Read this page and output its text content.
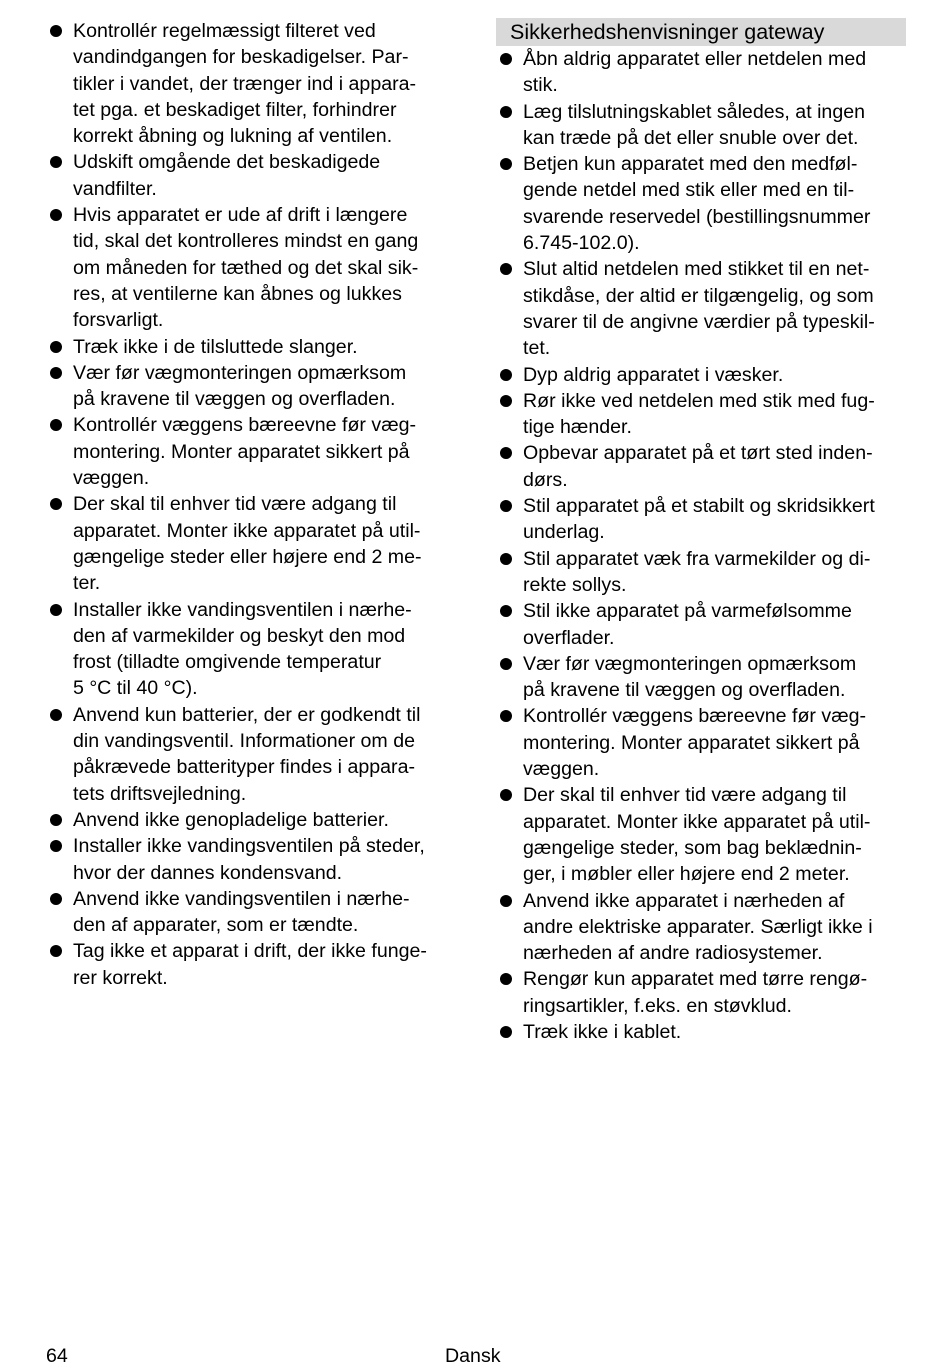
Kontrollér regelmæssigt filteret ved
vandindgangen for beskadigelser. Par-
tikler i vandet, der trænger ind i appara-
tet pga. et beskadiget filter, forhindrer
korrekt åbning og lukning af ventilen.
Udskift omgående det beskadigede
vandfilter.
Hvis apparatet er ude af drift i længere
tid, skal det kontrolleres mindst en gang
om måneden for tæthed og det skal sik-
res, at ventilerne kan åbnes og lukkes
forsvarligt.
Træk ikke i de tilsluttede slanger.
Vær før vægmonteringen opmærksom
på kravene til væggen og overfladen.
Kontrollér væggens bæreevne før væg-
montering. Monter apparatet sikkert på
væggen.
Der skal til enhver tid være adgang til
apparatet. Monter ikke apparatet på util-
gængelige steder eller højere end 2 me-
ter.
Installer ikke vandingsventilen i nærhe-
den af varmekilder og beskyt den mod
frost (tilladte omgivende temperatur
5 °C til 40 °C).
Anvend kun batterier, der er godkendt til
din vandingsventil. Informationer om de
påkrævede batterityper findes i appara-
tets driftsvejledning.
Anvend ikke genopladelige batterier.
Installer ikke vandingsventilen på steder,
hvor der dannes kondensvand.
Anvend ikke vandingsventilen i nærhe-
den af apparater, som er tændte.
Tag ikke et apparat i drift, der ikke funge-
rer korrekt.
Sikkerhedshenvisninger gateway
Åbn aldrig apparatet eller netdelen med
stik.
Læg tilslutningskablet således, at ingen
kan træde på det eller snuble over det.
Betjen kun apparatet med den medføl-
gende netdel med stik eller med en til-
svarende reservedel (bestillingsnummer
6.745-102.0).
Slut altid netdelen med stikket til en net-
stikdåse, der altid er tilgængelig, og som
svarer til de angivne værdier på typeskil-
tet.
Dyp aldrig apparatet i væsker.
Rør ikke ved netdelen med stik med fug-
tige hænder.
Opbevar apparatet på et tørt sted inden-
dørs.
Stil apparatet på et stabilt og skridsikkert
underlag.
Stil apparatet væk fra varmekilder og di-
rekte sollys.
Stil ikke apparatet på varmefølsomme
overflader.
Vær før vægmonteringen opmærksom
på kravene til væggen og overfladen.
Kontrollér væggens bæreevne før væg-
montering. Monter apparatet sikkert på
væggen.
Der skal til enhver tid være adgang til
apparatet. Monter ikke apparatet på util-
gængelige steder, som bag beklædnin-
ger, i møbler eller højere end 2 meter.
Anvend ikke apparatet i nærheden af
andre elektriske apparater. Særligt ikke i
nærheden af andre radiosystemer.
Rengør kun apparatet med tørre rengø-
ringsartikler, f.eks. en støvklud.
Træk ikke i kablet.
64	Dansk
